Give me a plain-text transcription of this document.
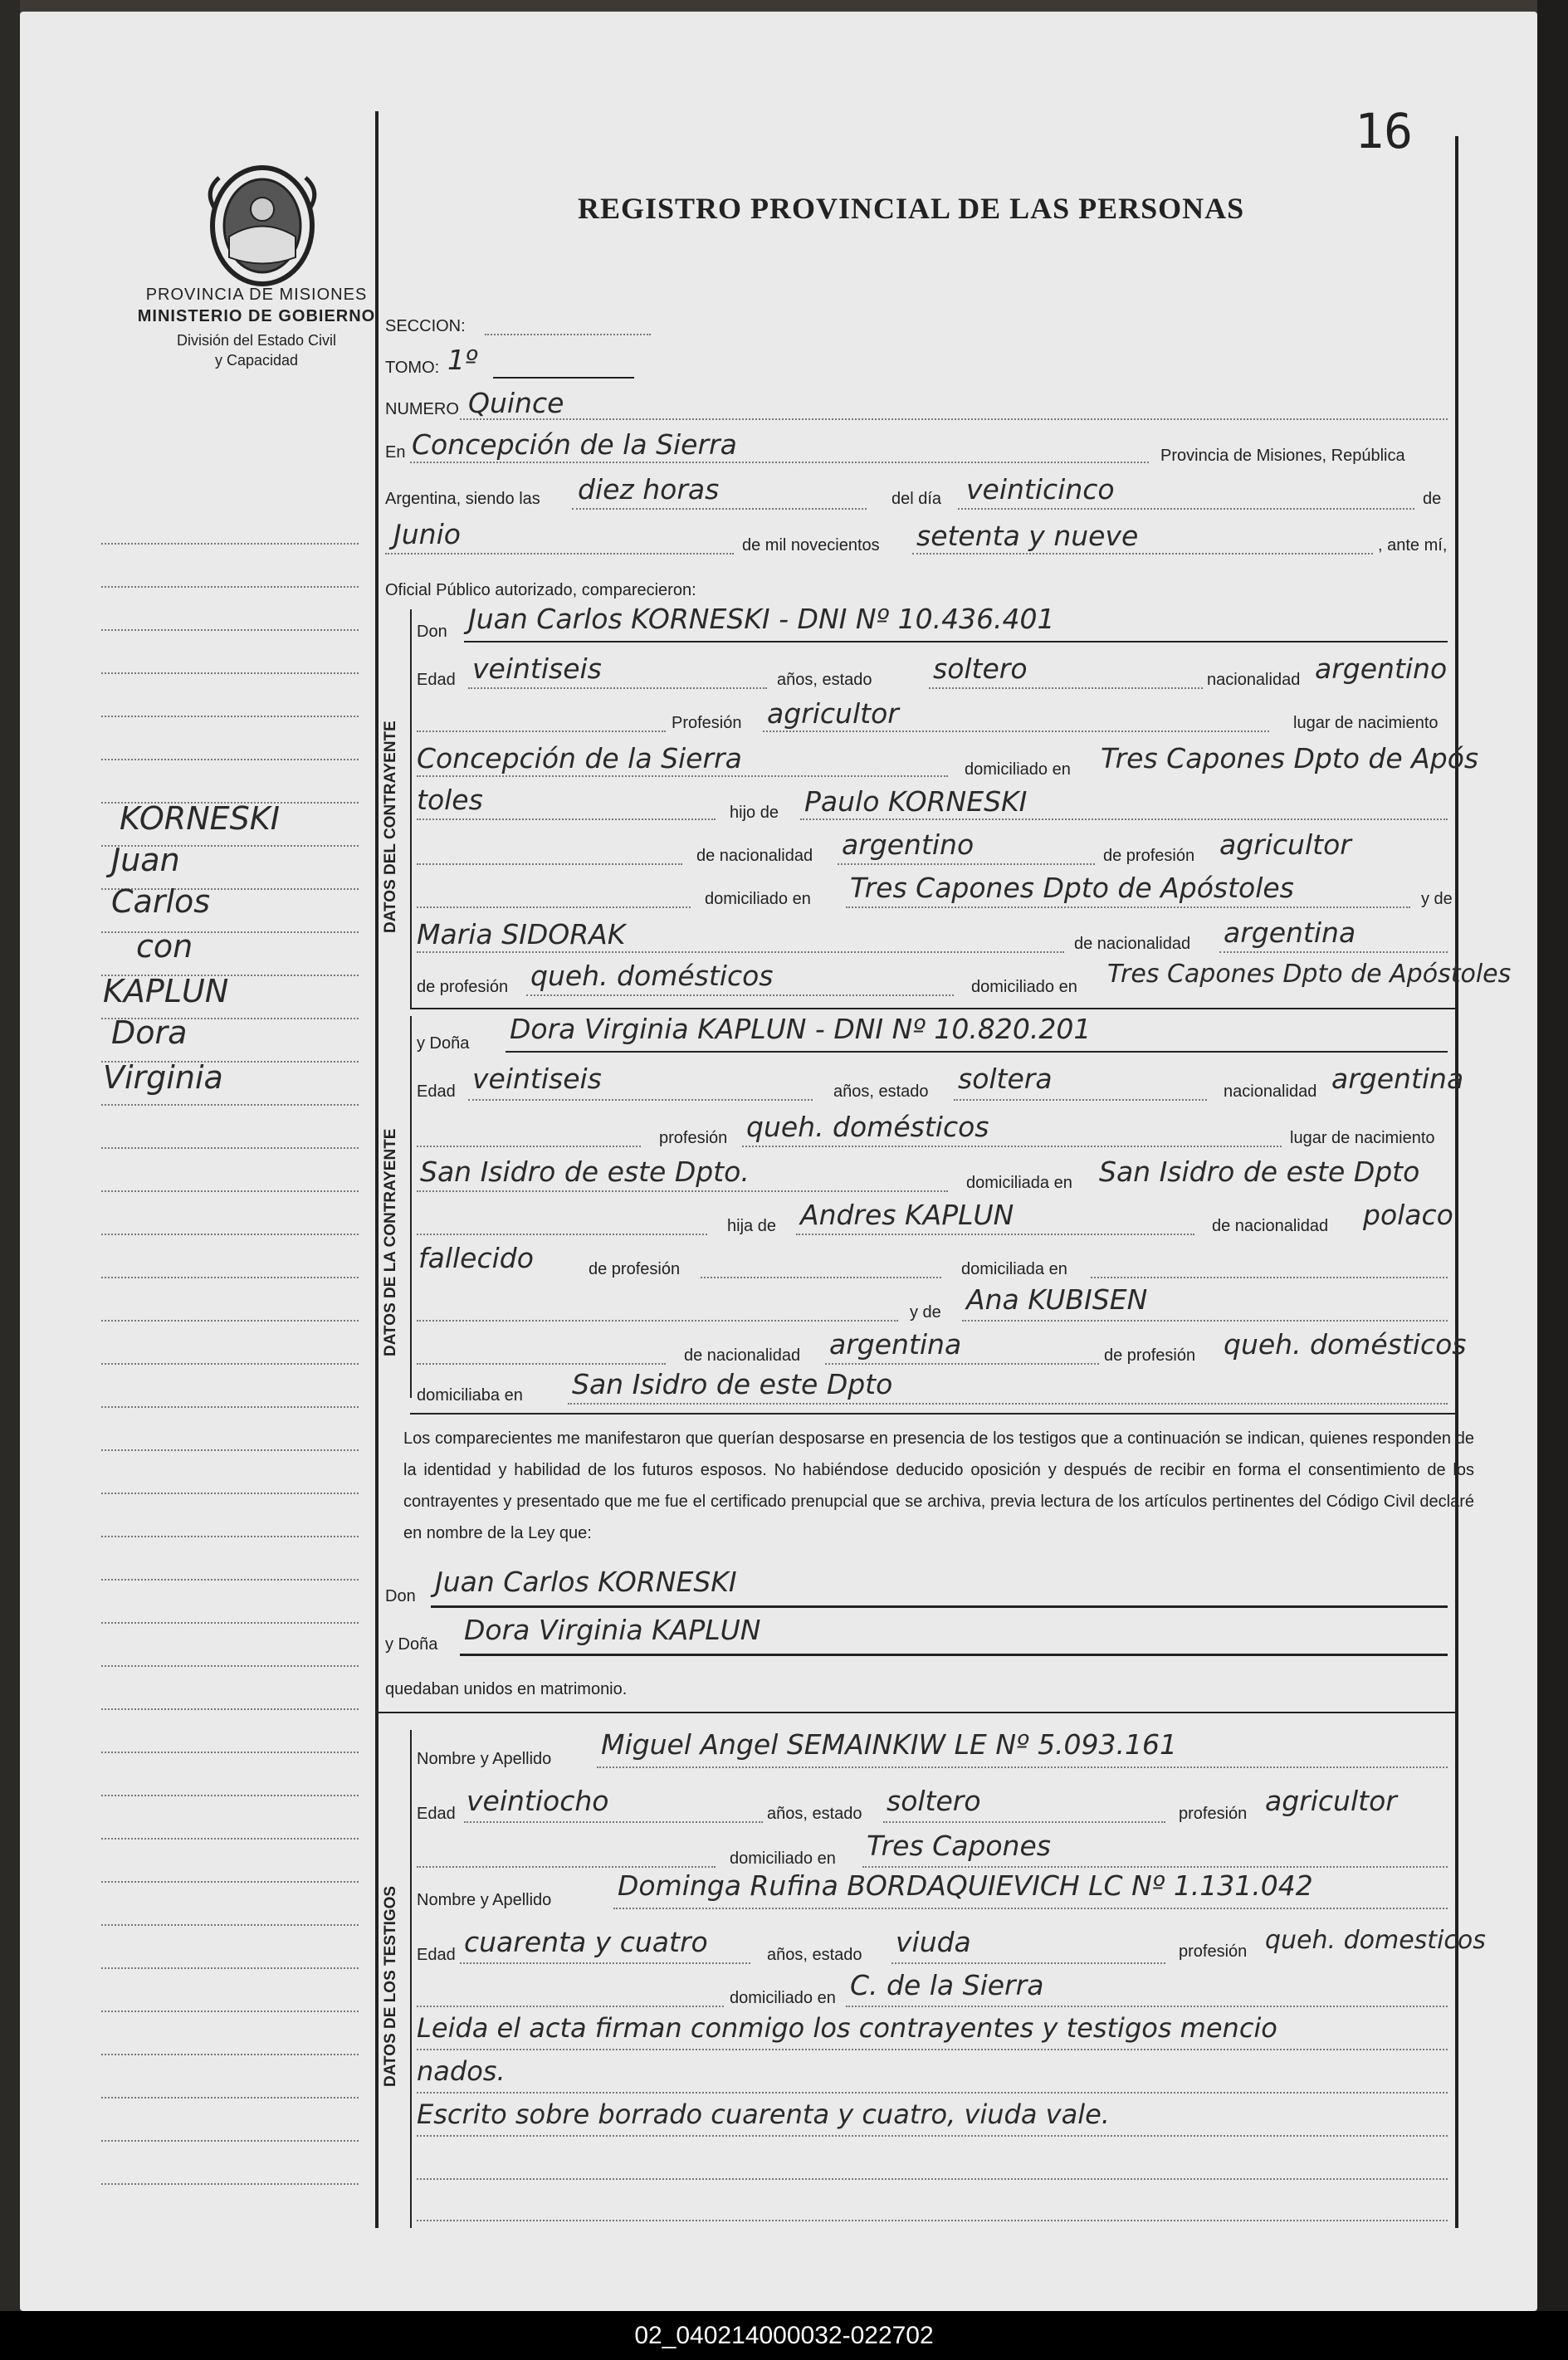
16
PROVINCIA DE MISIONES
MINISTERIO DE GOBIERNO
División del Estado Civil
y Capacidad
REGISTRO PROVINCIAL DE LAS PERSONAS
DATOS DEL CONTRAYENTE
DATOS DE LA CONTRAYENTE
DATOS DE LOS TESTIGOS
KORNESKI
Juan
Carlos
con
KAPLUN
Dora
Virginia
SECCION:
TOMO: 1º
NUMERO Quince
En Concepción de la Sierra	Provincia de Misiones, República
Argentina, siendo las diez horas	del día veinticinco	de
Junio	de mil novecientos setenta y nueve	, ante mí,
Oficial Público autorizado, comparecieron:
Don Juan Carlos KORNESKI - DNI Nº 10.436.401
Edad veintiseis	años, estado soltero	nacionalidad argentino
Profesión agricultor	lugar de nacimiento
Concepción de la Sierra	domiciliado en Tres Capones Dpto de Após
toles	hijo de Paulo KORNESKI
de nacionalidad argentino	de profesión agricultor
domiciliado en Tres Capones Dpto de Apóstoles	y de
Maria SIDORAK	de nacionalidad argentina
de profesión queh. domésticos	domiciliado en Tres Capones Dpto de Apóstoles
y Doña Dora Virginia KAPLUN - DNI Nº 10.820.201
Edad veintiseis	años, estado soltera	nacionalidad argentina
profesión queh. domésticos	lugar de nacimiento
San Isidro de este Dpto.	domiciliada en San Isidro de este Dpto
hija de Andres KAPLUN	de nacionalidad polaco
fallecido	de profesión	domiciliada en
y de Ana KUBISEN
de nacionalidad argentina	de profesión queh. domésticos
domiciliaba en San Isidro de este Dpto
Los comparecientes me manifestaron que querían desposarse en presencia de los testigos que a continuación se indican, quienes responden de la identidad y habilidad de los futuros esposos. No habiéndose deducido oposición y después de recibir en forma el consentimiento de los contrayentes y presentado que me fue el certificado prenupcial que se archiva, previa lectura de los artículos pertinentes del Código Civil declaré en nombre de la Ley que:
Don Juan Carlos KORNESKI
y Doña Dora Virginia KAPLUN
quedaban unidos en matrimonio.
Nombre y Apellido Miguel Angel SEMAINKIW LE Nº 5.093.161
Edad veintiocho	años, estado soltero	profesión agricultor
domiciliado en Tres Capones
Nombre y Apellido Dominga Rufina BORDAQUIEVICH LC Nº 1.131.042
Edad cuarenta y cuatro	años, estado viuda	profesión queh. domesticos
domiciliado en C. de la Sierra
Leida el acta firman conmigo los contrayentes y testigos mencio
nados.
Escrito sobre borrado cuarenta y cuatro, viuda vale.
02_040214000032-022702
